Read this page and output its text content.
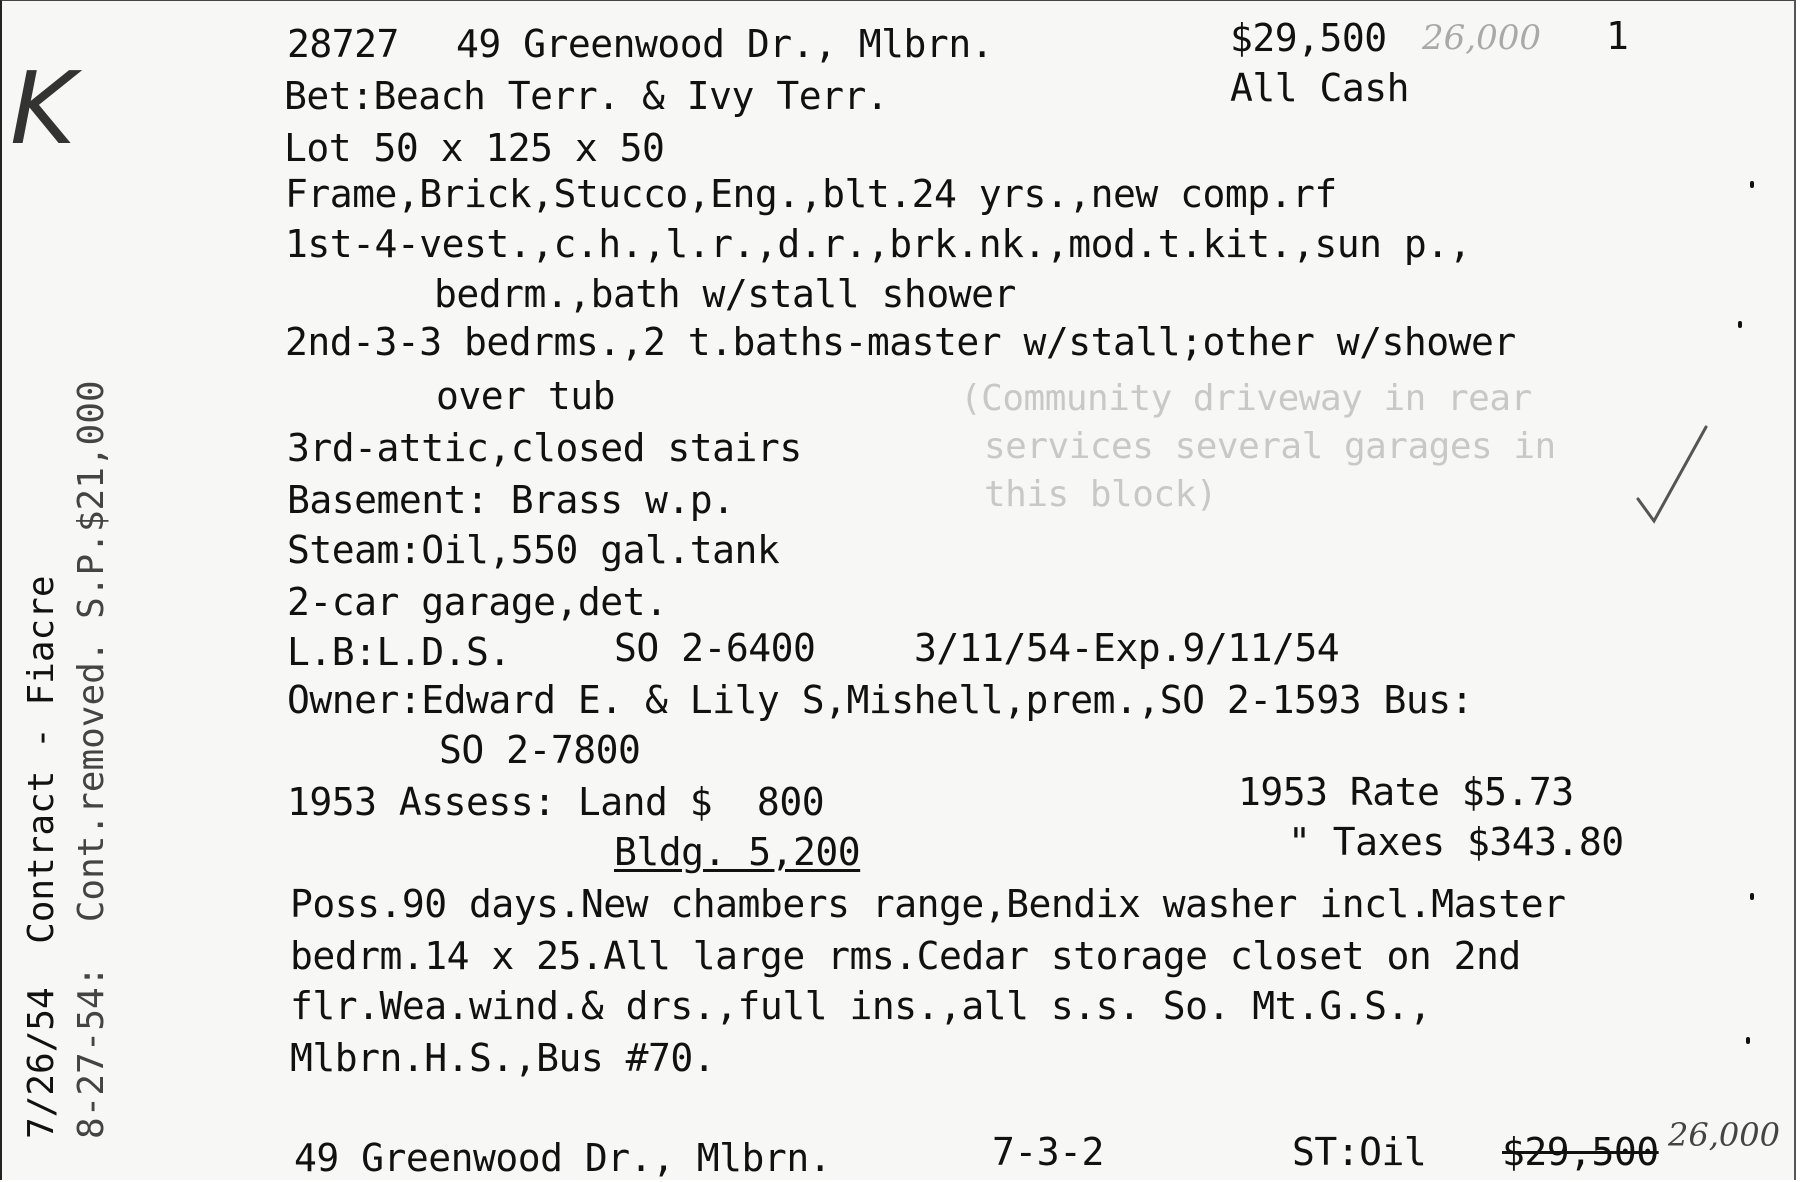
K
7/26/54  Contract - Fiacre 8-27-54:  Cont.removed. S.P.$21,000
28727 49 Greenwood Dr., Mlbrn.	$29,500 26,000 1
Bet:Beach Terr. & Ivy Terr.	All Cash
Lot 50 x 125 x 50
Frame,Brick,Stucco,Eng.,blt.24 yrs.,new comp.rf
1st-4-vest.,c.h.,l.r.,d.r.,brk.nk.,mod.t.kit.,sun p.,
bedrm.,bath w/stall shower
2nd-3-3 bedrms.,2 t.baths-master w/stall;other w/shower
over tub	(Community driveway in rear
services several garages in
this block)
3rd-attic,closed stairs
Basement: Brass w.p.
Steam:Oil,550 gal.tank
2-car garage,det.
L.B:L.D.S.	SO 2-6400	3/11/54-Exp.9/11/54
Owner:Edward E. & Lily S,Mishell,prem.,SO 2-1593 Bus:
SO 2-7800
1953 Assess: Land $  800
Bldg. 5,200
1953 Rate $5.73
" Taxes $343.80
Poss.90 days.New chambers range,Bendix washer incl.Master
bedrm.14 x 25.All large rms.Cedar storage closet on 2nd
flr.Wea.wind.& drs.,full ins.,all s.s. So. Mt.G.S.,
Mlbrn.H.S.,Bus #70.
49 Greenwood Dr., Mlbrn.	7-3-2	ST:Oil $29,500 26,000
